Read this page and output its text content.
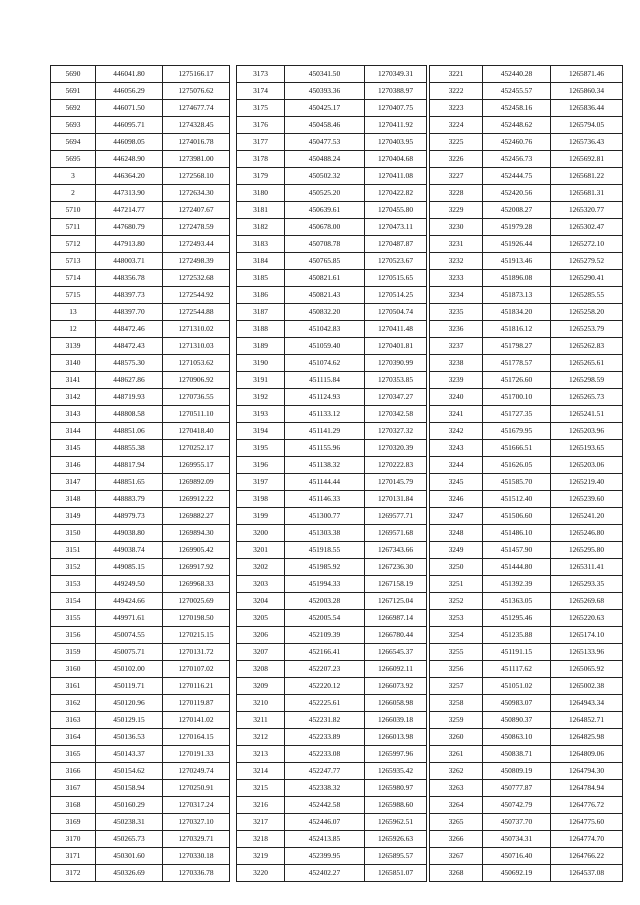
5690	446041.80	1275166.17
5691	446056.29	1275076.62
5692	446071.50	1274677.74
5693	446095.71	1274328.45
5694	446098.05	1274016.78
5695	446248.90	1273981.00
3	446364.20	1272568.10
2	447313.90	1272634.30
5710	447214.77	1272407.67
5711	447680.79	1272478.59
5712	447913.80	1272493.44
5713	448003.71	1272498.39
5714	448356.78	1272532.68
5715	448397.73	1272544.92
13	448397.70	1272544.88
12	448472.46	1271310.02
3139	448472.43	1271310.03
3140	448575.30	1271053.62
3141	448627.86	1270906.92
3142	448719.93	1270736.55
3143	448808.58	1270511.10
3144	448851.06	1270418.40
3145	448855.38	1270252.17
3146	448817.94	1269955.17
3147	448851.65	1269892.09
3148	448883.79	1269912.22
3149	448979.73	1269882.27
3150	449038.80	1269894.30
3151	449038.74	1269905.42
3152	449085.15	1269917.92
3153	449249.50	1269968.33
3154	449424.66	1270025.69
3155	449971.61	1270198.50
3156	450074.55	1270215.15
3159	450075.71	1270131.72
3160	450102.00	1270107.02
3161	450119.71	1270116.21
3162	450120.96	1270119.87
3163	450129.15	1270141.02
3164	450136.53	1270164.15
3165	450143.37	1270191.33
3166	450154.62	1270249.74
3167	450158.94	1270250.91
3168	450160.29	1270317.24
3169	450238.31	1270327.10
3170	450265.73	1270329.71
3171	450301.60	1270330.18
3172	450326.69	1270336.78
3173	450341.50	1270349.31
3174	450393.36	1270388.97
3175	450425.17	1270407.75
3176	450458.46	1270411.92
3177	450477.53	1270403.95
3178	450488.24	1270404.68
3179	450502.32	1270411.08
3180	450525.20	1270422.82
3181	450639.61	1270455.80
3182	450678.00	1270473.11
3183	450708.78	1270487.87
3184	450765.85	1270523.67
3185	450821.61	1270515.65
3186	450821.43	1270514.25
3187	450832.20	1270504.74
3188	451042.83	1270411.48
3189	451059.40	1270401.81
3190	451074.62	1270390.99
3191	451115.84	1270353.85
3192	451124.93	1270347.27
3193	451133.12	1270342.58
3194	451141.29	1270327.32
3195	451155.96	1270320.39
3196	451138.32	1270222.83
3197	451144.44	1270145.79
3198	451146.33	1270131.84
3199	451300.77	1269577.71
3200	451303.38	1269571.68
3201	451918.55	1267343.66
3202	451985.92	1267236.30
3203	451994.33	1267158.19
3204	452003.28	1267125.04
3205	452005.54	1266987.14
3206	452109.39	1266780.44
3207	452166.41	1266545.37
3208	452207.23	1266092.11
3209	452220.12	1266073.92
3210	452225.61	1266058.98
3211	452231.82	1266039.18
3212	452233.89	1266013.98
3213	452233.08	1265997.96
3214	452247.77	1265935.42
3215	452338.32	1265980.97
3216	452442.58	1265988.60
3217	452446.07	1265962.51
3218	452413.85	1265926.63
3219	452399.95	1265895.57
3220	452402.27	1265851.07
3221	452440.28	1265871.46
3222	452455.57	1265860.34
3223	452458.16	1265836.44
3224	452448.62	1265794.05
3225	452460.76	1265736.43
3226	452456.73	1265692.81
3227	452444.75	1265681.22
3228	452420.56	1265681.31
3229	452008.27	1265320.77
3230	451979.28	1265302.47
3231	451926.44	1265272.10
3232	451913.46	1265279.52
3233	451896.08	1265290.41
3234	451873.13	1265285.55
3235	451834.20	1265258.20
3236	451816.12	1265253.79
3237	451798.27	1265262.83
3238	451778.57	1265265.61
3239	451726.60	1265298.59
3240	451700.10	1265265.73
3241	451727.35	1265241.51
3242	451679.95	1265203.96
3243	451666.51	1265193.65
3244	451626.05	1265203.06
3245	451585.70	1265219.40
3246	451512.40	1265239.60
3247	451506.60	1265241.20
3248	451486.10	1265246.80
3249	451457.90	1265295.80
3250	451444.80	1265311.41
3251	451392.39	1265293.35
3252	451363.05	1265269.68
3253	451295.46	1265220.63
3254	451235.88	1265174.10
3255	451191.15	1265133.96
3256	451117.62	1265065.92
3257	451051.02	1265002.38
3258	450983.07	1264943.34
3259	450890.37	1264852.71
3260	450863.10	1264825.98
3261	450838.71	1264809.06
3262	450809.19	1264794.30
3263	450777.87	1264784.94
3264	450742.79	1264776.72
3265	450737.70	1264775.60
3266	450734.31	1264774.70
3267	450716.40	1264766.22
3268	450692.19	1264537.08
